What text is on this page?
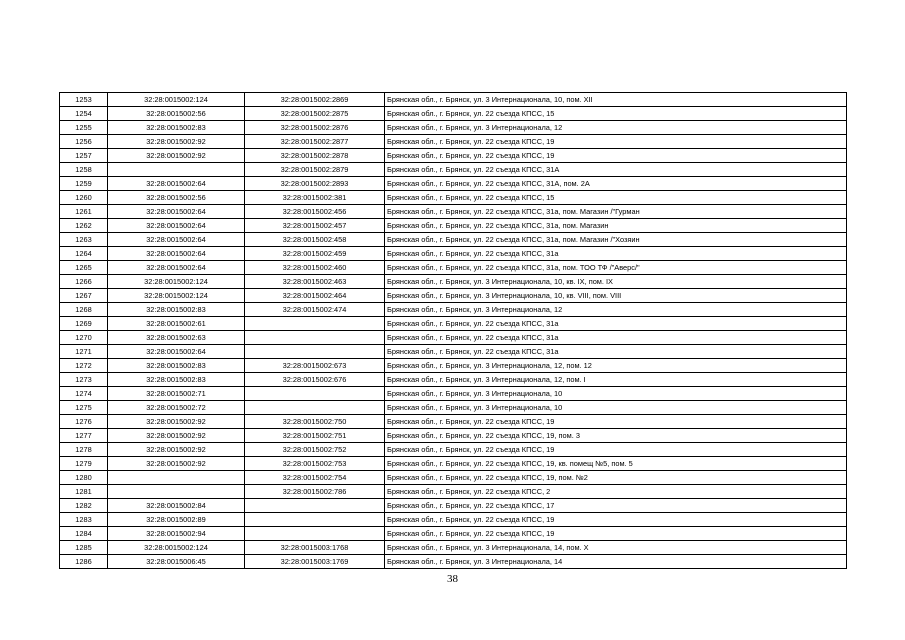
1253	32:28:0015002:124	32:28:0015002:2869	Брянская обл., г. Брянск, ул. 3 Интернационала, 10, пом. XII
1254	32:28:0015002:56	32:28:0015002:2875	Брянская обл., г. Брянск, ул. 22 съезда КПСС, 15
1255	32:28:0015002:83	32:28:0015002:2876	Брянская обл., г. Брянск, ул. 3 Интернационала, 12
1256	32:28:0015002:92	32:28:0015002:2877	Брянская обл., г. Брянск, ул. 22 съезда КПСС, 19
1257	32:28:0015002:92	32:28:0015002:2878	Брянская обл., г. Брянск, ул. 22 съезда КПСС, 19
1258		32:28:0015002:2879	Брянская обл., г. Брянск, ул. 22 съезда КПСС, 31А
1259	32:28:0015002:64	32:28:0015002:2893	Брянская обл., г. Брянск, ул. 22 съезда КПСС, 31А, пом. 2А
1260	32:28:0015002:56	32:28:0015002:381	Брянская обл., г. Брянск, ул. 22 съезда КПСС, 15
1261	32:28:0015002:64	32:28:0015002:456	Брянская обл., г. Брянск, ул. 22 съезда КПСС, 31а, пом. Магазин /"Гурман
1262	32:28:0015002:64	32:28:0015002:457	Брянская обл., г. Брянск, ул. 22 съезда КПСС, 31а, пом. Магазин
1263	32:28:0015002:64	32:28:0015002:458	Брянская обл., г. Брянск, ул. 22 съезда КПСС, 31а, пом. Магазин /"Хозяин
1264	32:28:0015002:64	32:28:0015002:459	Брянская обл., г. Брянск, ул. 22 съезда КПСС, 31а
1265	32:28:0015002:64	32:28:0015002:460	Брянская обл., г. Брянск, ул. 22 съезда КПСС, 31а, пом. ТОО ТФ /"Аверс/"
1266	32:28:0015002:124	32:28:0015002:463	Брянская обл., г. Брянск, ул. 3 Интернационала, 10, кв. IX, пом. IX
1267	32:28:0015002:124	32:28:0015002:464	Брянская обл., г. Брянск, ул. 3 Интернационала, 10, кв. VIII, пом. VIII
1268	32:28:0015002:83	32:28:0015002:474	Брянская обл., г. Брянск, ул. 3 Интернационала, 12
1269	32:28:0015002:61		Брянская обл., г. Брянск, ул. 22 съезда КПСС, 31а
1270	32:28:0015002:63		Брянская обл., г. Брянск, ул. 22 съезда КПСС, 31а
1271	32:28:0015002:64		Брянская обл., г. Брянск, ул. 22 съезда КПСС, 31а
1272	32:28:0015002:83	32:28:0015002:673	Брянская обл., г. Брянск, ул. 3 Интернационала, 12, пом. 12
1273	32:28:0015002:83	32:28:0015002:676	Брянская обл., г. Брянск, ул. 3 Интернационала, 12, пом. I
1274	32:28:0015002:71		Брянская обл., г. Брянск, ул. 3 Интернационала, 10
1275	32:28:0015002:72		Брянская обл., г. Брянск, ул. 3 Интернационала, 10
1276	32:28:0015002:92	32:28:0015002:750	Брянская обл., г. Брянск, ул. 22 съезда КПСС, 19
1277	32:28:0015002:92	32:28:0015002:751	Брянская обл., г. Брянск, ул. 22 съезда КПСС, 19, пом. 3
1278	32:28:0015002:92	32:28:0015002:752	Брянская обл., г. Брянск, ул. 22 съезда КПСС, 19
1279	32:28:0015002:92	32:28:0015002:753	Брянская обл., г. Брянск, ул. 22 съезда КПСС, 19, кв. помещ №5, пом. 5
1280		32:28:0015002:754	Брянская обл., г. Брянск, ул. 22 съезда КПСС, 19, пом. №2
1281		32:28:0015002:786	Брянская обл., г. Брянск, ул. 22 съезда КПСС, 2
1282	32:28:0015002:84		Брянская обл., г. Брянск, ул. 22 съезда КПСС, 17
1283	32:28:0015002:89		Брянская обл., г. Брянск, ул. 22 съезда КПСС, 19
1284	32:28:0015002:94		Брянская обл., г. Брянск, ул. 22 съезда КПСС, 19
1285	32:28:0015002:124	32:28:0015003:1768	Брянская обл., г. Брянск, ул. 3 Интернационала, 14, пом. X
1286	32:28:0015006:45	32:28:0015003:1769	Брянская обл., г. Брянск, ул. 3 Интернационала, 14
38
